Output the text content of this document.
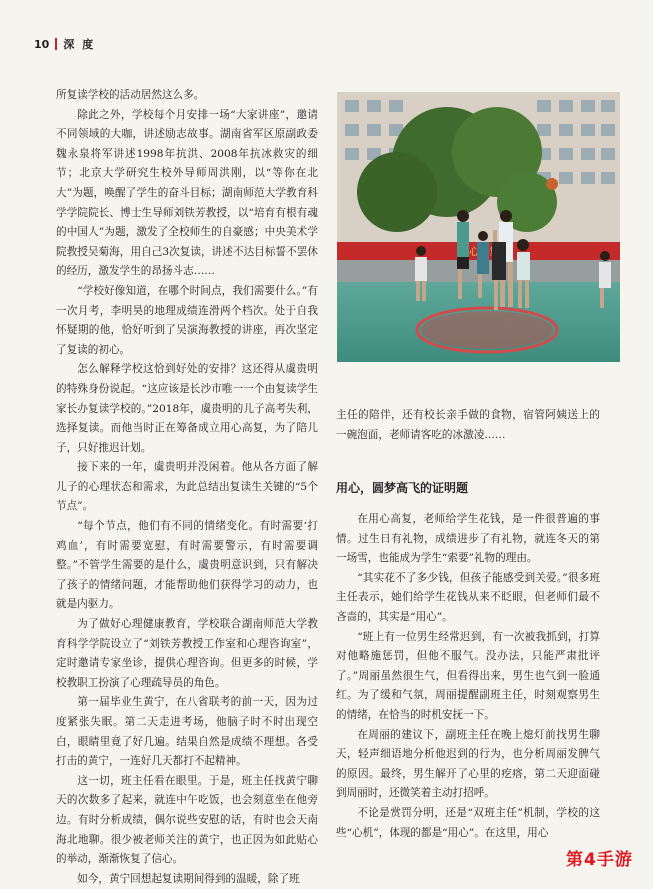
10 深度

所复读学校的活动居然这么多。

除此之外，学校每个月安排一场“大家讲座”，邀请不同领域的大咖，讲述励志故事。湖南省军区原副政委魏永泉将军讲述1998年抗洪、2008年抗冰救灾的细节；北京大学研究生校外导师周洪刚，以“等你在北大”为题，唤醒了学生的奋斗目标；湖南师范大学教育科学学院院长、博士生导师刘铁芳教授，以“培育有根有魂的中国人”为题，激发了全校师生的自豪感；中央美术学院教授吴菊海，用自己3次复读，讲述不达目标誓不罢休的经历，激发学生的昂扬斗志……

“学校好像知道，在哪个时间点，我们需要什么。”有一次月考，李明昊的地理成绩连滑两个档次。处于自我怀疑期的他，恰好听到了吴演海教授的讲座，再次坚定了复读的初心。

怎么解释学校这恰到好处的安排？这还得从虞贵明的特殊身份说起。“这应该是长沙市唯一一个由复读学生家长办复读学校的。”2018年，虞贵明的儿子高考失利，选择复读。而他当时正在筹备成立用心高复，为了陪儿子，只好推迟计划。

接下来的一年，虞贵明并没闲着。他从各方面了解儿子的心理状态和需求，为此总结出复读生关键的“5个节点”。

“每个节点，他们有不同的情绪变化。有时需要‘打鸡血’，有时需要宽慰，有时需要警示，有时需要调整。”不管学生需要的是什么，虞贵明意识到，只有解决了孩子的情绪问题，才能帮助他们获得学习的动力，也就是内驱力。

为了做好心理健康教育，学校联合湖南师范大学教育科学学院设立了“刘铁芳教授工作室和心理咨询室”，定时邀请专家坐诊，提供心理咨询。但更多的时候，学校教职工扮演了心理疏导员的角色。

第一届毕业生黄宁，在八省联考的前一天，因为过度紧张失眠。第二天走进考场，他脑子时不时出现空白，眼睛里竟了好几遍。结果自然是成绩不理想。各受打击的黄宁，一连好几天都打不起精神。

这一切，班主任看在眼里。于是，班主任找黄宁聊天的次数多了起来，就连中午吃饭，也会刻意坐在他旁边。有时分析成绩，偶尔说些安慰的话，有时也会天南海北地聊。很少被老师关注的黄宁，也正因为如此贴心的举动，渐渐恢复了信心。

如今，黄宁回想起复读期间得到的温暖，除了班

主任的陪伴，还有校长亲手做的食物，宿管阿姨送上的一碗泡面，老师请客吃的冰激凌……

用心，圆梦高飞的证明题

在用心高复，老师给学生花钱，是一件很普遍的事情。过生日有礼物，成绩进步了有礼物，就连冬天的第一场雪，也能成为学生“索要”礼物的理由。

“其实花不了多少钱，但孩子能感受到关爱。”很多班主任表示，她们给学生花钱从来不眨眼，但老师们最不吝啬的，其实是“用心”。

“班上有一位男生经常迟到，有一次被我抓到，打算对他略施惩罚，但他不服气。没办法，只能严肃批评了。”周丽虽然很生气，但看得出来，男生也气到一脸通红。为了缓和气氛，周丽提醒副班主任，时刻观察男生的情绪，在恰当的时机安抚一下。

在周丽的建议下，副班主任在晚上熄灯前找男生聊天，轻声细语地分析他迟到的行为，也分析周丽发脾气的原因。最终，男生解开了心里的疙瘩，第二天迎面碰到周丽时，还微笑着主动打招呼。

不论是赏罚分明，还是“双班主任”机制，学校的这些“心机”，体现的都是“用心”。在这里，用心

第4手游
